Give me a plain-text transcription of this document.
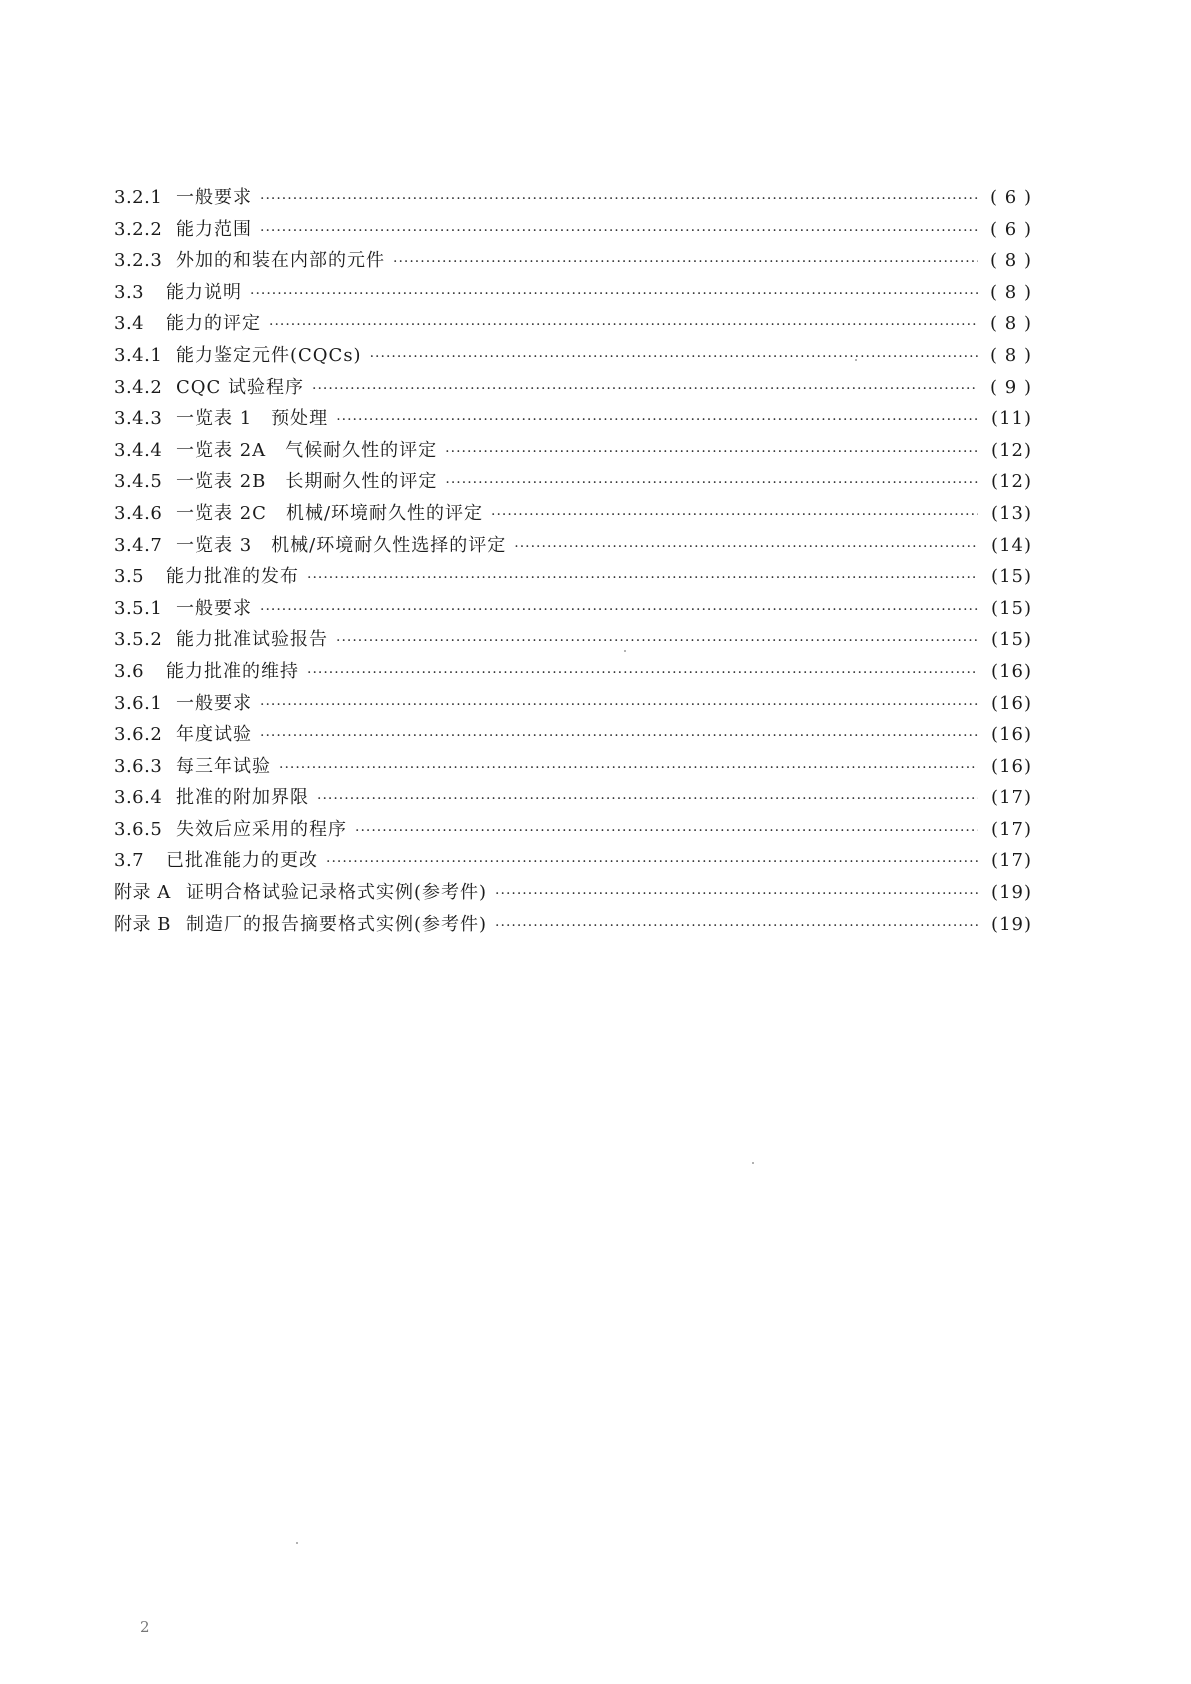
3.2.1 一般要求 ·····	( 6 )
3.2.2 能力范围 ·····	( 6 )
3.2.3 外加的和装在内部的元件 ·····	( 8 )
3.3	能力说明 ·····	( 8 )
3.4	能力的评定 ·····	( 8 )
3.4.1 能力鉴定元件(CQCs) ·····	( 8 )
3.4.2 CQC 试验程序 ·····	( 9 )
3.4.3 一览表 1　预处理 ·····	(11)
3.4.4 一览表 2A　气候耐久性的评定 ·····	(12)
3.4.5 一览表 2B　长期耐久性的评定 ·····	(12)
3.4.6 一览表 2C　机械/环境耐久性的评定 ·····	(13)
3.4.7 一览表 3　机械/环境耐久性选择的评定 ·····	(14)
3.5	能力批准的发布 ·····	(15)
3.5.1 一般要求 ·····	(15)
3.5.2 能力批准试验报告 ·····	(15)
3.6	能力批准的维持 ·····	(16)
3.6.1 一般要求 ·····	(16)
3.6.2 年度试验 ·····	(16)
3.6.3 每三年试验 ·····	(16)
3.6.4 批准的附加界限 ·····	(17)
3.6.5 失效后应采用的程序 ·····	(17)
3.7	已批准能力的更改 ·····	(17)
附录 A 证明合格试验记录格式实例(参考件) ·····	(19)
附录 B 制造厂的报告摘要格式实例(参考件) ·····	(19)
2
